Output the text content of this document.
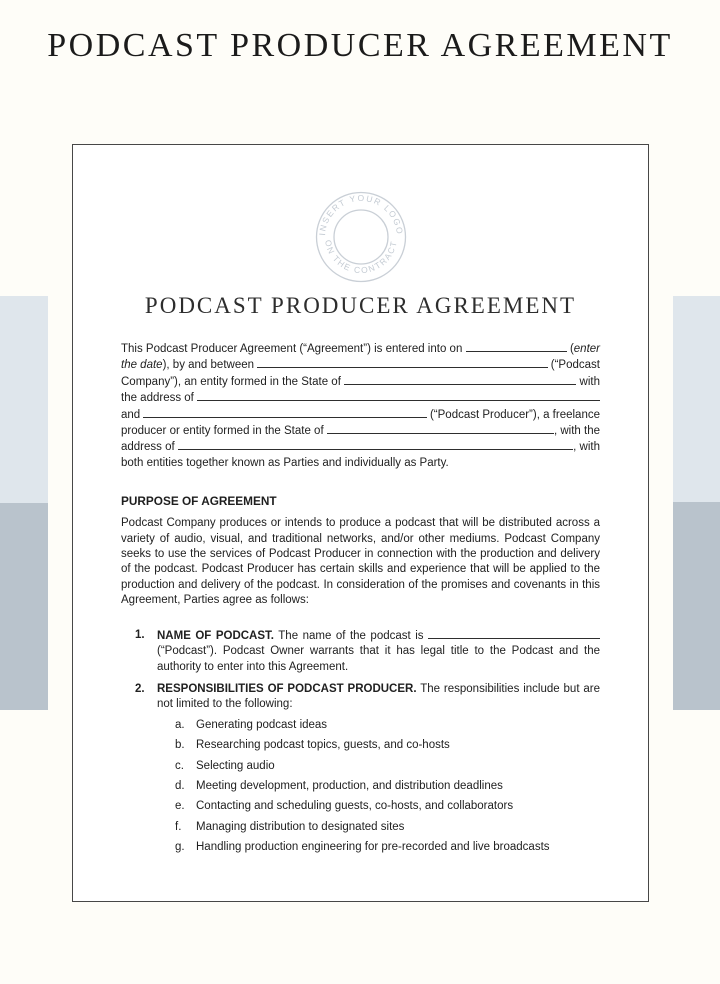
PODCAST PRODUCER AGREEMENT
INSERT YOUR LOGO
ON THE CONTRACT
PODCAST PRODUCER AGREEMENT
This Podcast Producer Agreement (“Agreement”) is entered into on	( enter
the date ), by and between	(“Podcast
Company”), an entity formed in the State of	with
the address of
and	(“Podcast Producer”), a freelance
producer or entity formed in the State of	, with the
address of	, with
both entities together known as Parties and individually as Party.
PURPOSE OF AGREEMENT
Podcast Company produces or intends to produce a podcast that will be distributed across a variety of audio, visual, and traditional networks, and/or other mediums. Podcast Company seeks to use the services of Podcast Producer in connection with the production and delivery of the podcast. Podcast Producer has certain skills and experience that will be applied to the production and delivery of the podcast. In consideration of the promises and covenants in this Agreement, Parties agree as follows:
1.	NAME OF PODCAST. The name of the podcast is  (“Podcast”). Podcast Owner warrants that it has legal title to the Podcast and the authority to enter into this Agreement.
2.	RESPONSIBILITIES OF PODCAST PRODUCER. The responsibilities include but are not limited to the following:
a. Generating podcast ideas
b. Researching podcast topics, guests, and co-hosts
c.	Selecting audio
d. Meeting development, production, and distribution deadlines
e. Contacting and scheduling guests, co-hosts, and collaborators
f.	Managing distribution to designated sites
g. Handling production engineering for pre-recorded and live broadcasts
